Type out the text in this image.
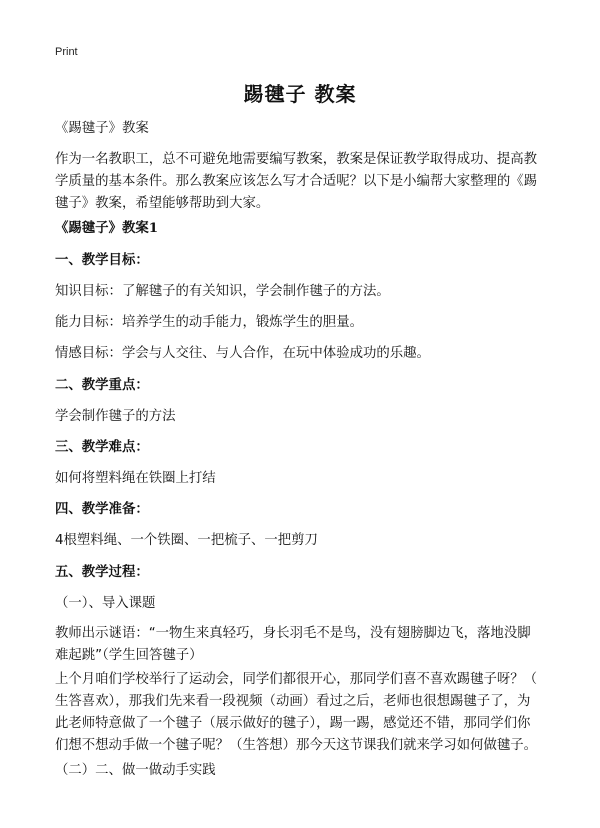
Print
踢毽子 教案
《踢毽子》教案
作为一名教职工，总不可避免地需要编写教案，教案是保证教学取得成功、提高教
学质量的基本条件。那么教案应该怎么写才合适呢？以下是小编帮大家整理的《踢
毽子》教案，希望能够帮助到大家。
《踢毽子》教案1
一、教学目标：
知识目标：了解毽子的有关知识，学会制作毽子的方法。
能力目标：培养学生的动手能力，锻炼学生的胆量。
情感目标：学会与人交往、与人合作，在玩中体验成功的乐趣。
二、教学重点：
学会制作毽子的方法
三、教学难点：
如何将塑料绳在铁圈上打结
四、教学准备：
4根塑料绳、一个铁圈、一把梳子、一把剪刀
五、教学过程：
（一）、导入课题
教师出示谜语：“一物生来真轻巧，身长羽毛不是鸟，没有翅膀脚边飞，落地没脚
难起跳”（学生回答毽子）
上个月咱们学校举行了运动会，同学们都很开心，那同学们喜不喜欢踢毽子呀？（
生答喜欢），那我们先来看一段视频（动画）看过之后，老师也很想踢毽子了，为
此老师特意做了一个毽子（展示做好的毽子），踢一踢，感觉还不错，那同学们你
们想不想动手做一个毽子呢？（生答想）那今天这节课我们就来学习如何做毽子。
（二）二、做一做动手实践
